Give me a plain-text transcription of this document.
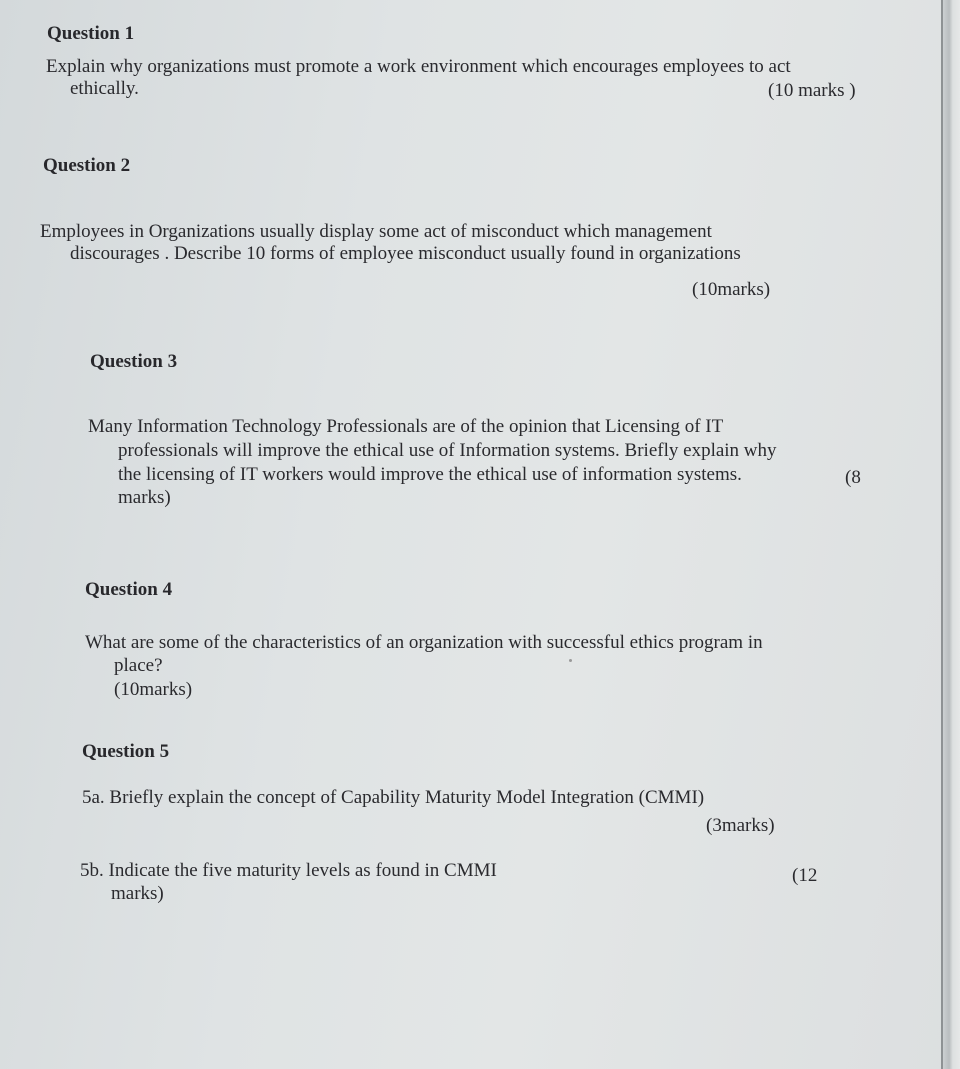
Question 1
Explain why organizations must promote a work environment which encourages employees to act
ethically.	(10 marks )
Question 2
Employees in Organizations usually display some act of misconduct which management
discourages . Describe 10 forms of employee misconduct usually found in organizations
(10marks)
Question 3
Many Information Technology Professionals are of the opinion that Licensing of IT
professionals will improve the ethical use of Information systems. Briefly explain why
the licensing of IT workers would improve the ethical use of information systems.	(8
marks)
Question 4
What are some of the characteristics of an organization with successful ethics program in
place?
(10marks)
Question 5
5a. Briefly explain the concept of Capability Maturity Model Integration (CMMI)
(3marks)
5b. Indicate the five maturity levels as found in CMMI	(12
marks)
